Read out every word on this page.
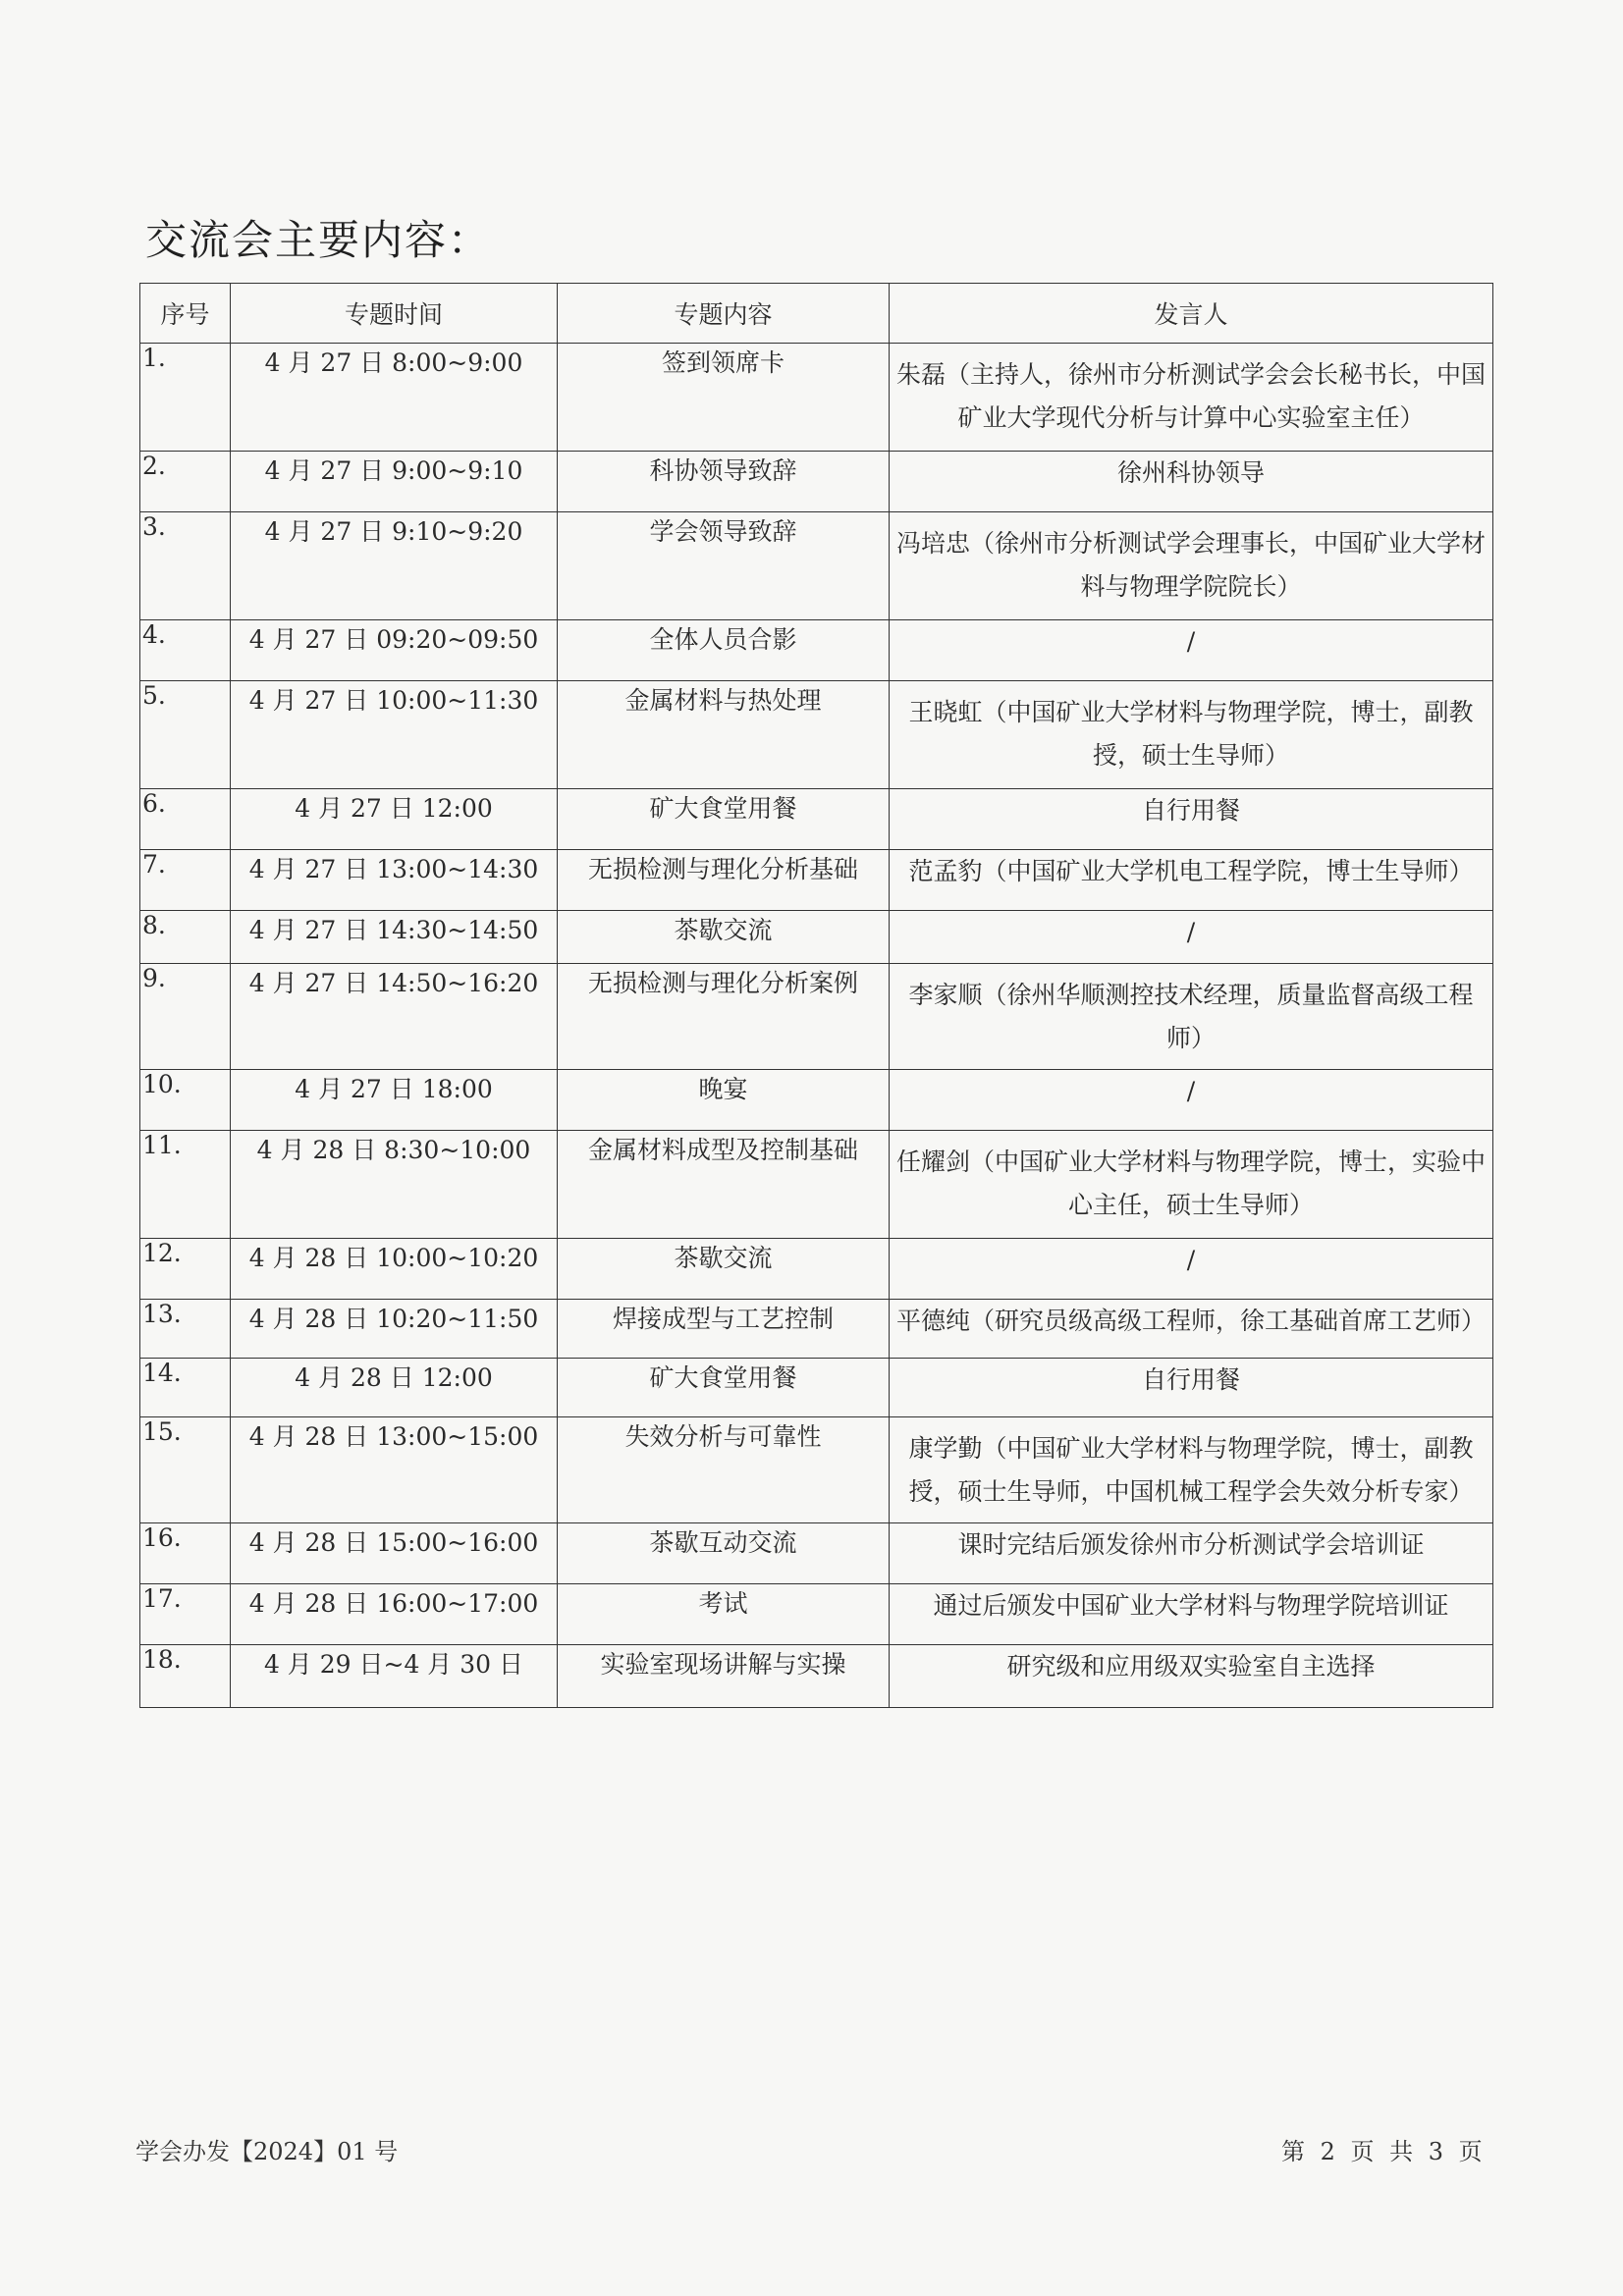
交流会主要内容：
序号	专题时间	专题内容	发言人
1.	4 月 27 日 8:00~9:00	签到领席卡	朱磊（主持人，徐州市分析测试学会会长秘书长，中国矿业大学现代分析与计算中心实验室主任）
2.	4 月 27 日 9:00~9:10	科协领导致辞	徐州科协领导
3.	4 月 27 日 9:10~9:20	学会领导致辞	冯培忠（徐州市分析测试学会理事长，中国矿业大学材料与物理学院院长）
4.	4 月 27 日 09:20~09:50	全体人员合影	/
5.	4 月 27 日 10:00~11:30	金属材料与热处理	王晓虹（中国矿业大学材料与物理学院，博士，副教授，硕士生导师）
6.	4 月 27 日 12:00	矿大食堂用餐	自行用餐
7.	4 月 27 日 13:00~14:30	无损检测与理化分析基础	范孟豹（中国矿业大学机电工程学院，博士生导师）
8.	4 月 27 日 14:30~14:50	茶歇交流	/
9.	4 月 27 日 14:50~16:20	无损检测与理化分析案例	李家顺（徐州华顺测控技术经理，质量监督高级工程师）
10.	4 月 27 日 18:00	晚宴	/
11.	4 月 28 日 8:30~10:00	金属材料成型及控制基础	任耀剑（中国矿业大学材料与物理学院，博士，实验中心主任，硕士生导师）
12.	4 月 28 日 10:00~10:20	茶歇交流	/
13.	4 月 28 日 10:20~11:50	焊接成型与工艺控制	平德纯（研究员级高级工程师，徐工基础首席工艺师）
14.	4 月 28 日 12:00	矿大食堂用餐	自行用餐
15.	4 月 28 日 13:00~15:00	失效分析与可靠性	康学勤（中国矿业大学材料与物理学院，博士，副教授，硕士生导师，中国机械工程学会失效分析专家）
16.	4 月 28 日 15:00~16:00	茶歇互动交流	课时完结后颁发徐州市分析测试学会培训证
17.	4 月 28 日 16:00~17:00	考试	通过后颁发中国矿业大学材料与物理学院培训证
18.	4 月 29 日~4 月 30 日	实验室现场讲解与实操	研究级和应用级双实验室自主选择
学会办发【2024】01 号	第 2 页 共 3 页
